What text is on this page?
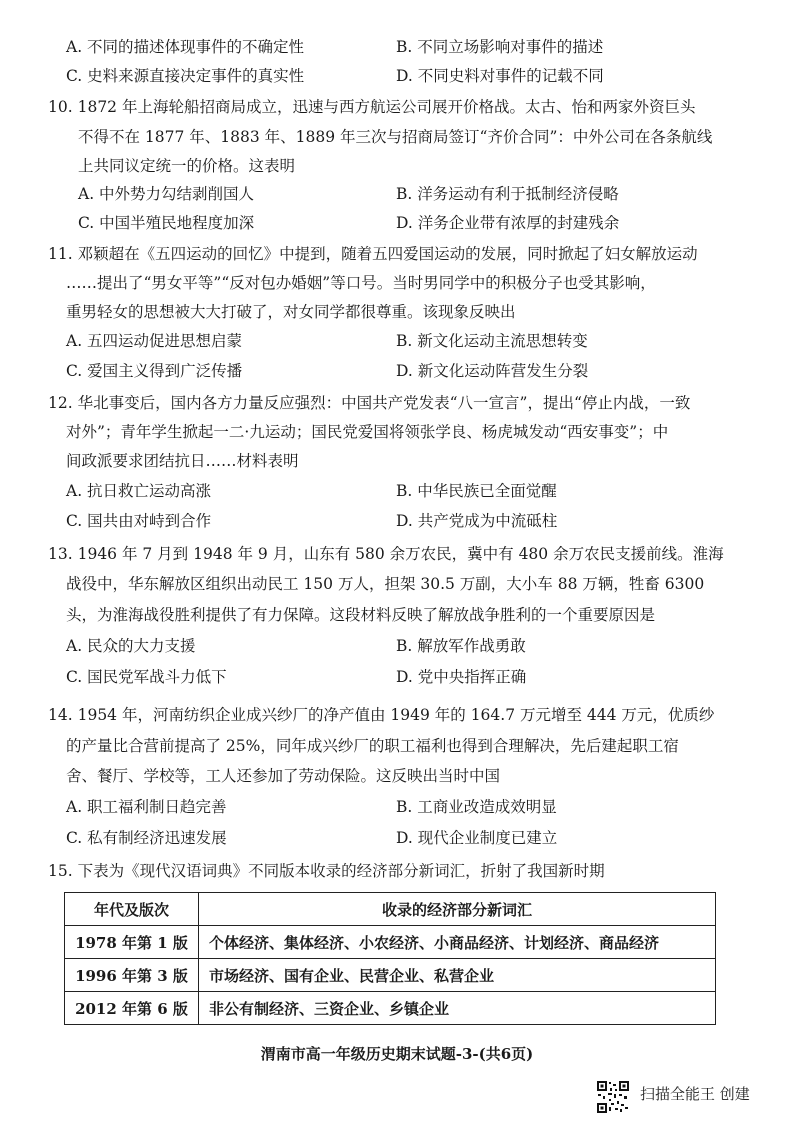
A. 不同的描述体现事件的不确定性	B. 不同立场影响对事件的描述
C. 史料来源直接决定事件的真实性	D. 不同史料对事件的记载不同
10. 1872 年上海轮船招商局成立，迅速与西方航运公司展开价格战。太古、怡和两家外资巨头
不得不在 1877 年、1883 年、1889 年三次与招商局签订“齐价合同”：中外公司在各条航线
上共同议定统一的价格。这表明
A. 中外势力勾结剥削国人	B. 洋务运动有利于抵制经济侵略
C. 中国半殖民地程度加深	D. 洋务企业带有浓厚的封建残余
11. 邓颖超在《五四运动的回忆》中提到，随着五四爱国运动的发展，同时掀起了妇女解放运动
……提出了“男女平等”“反对包办婚姻”等口号。当时男同学中的积极分子也受其影响，
重男轻女的思想被大大打破了，对女同学都很尊重。该现象反映出
A. 五四运动促进思想启蒙	B. 新文化运动主流思想转变
C. 爱国主义得到广泛传播	D. 新文化运动阵营发生分裂
12. 华北事变后，国内各方力量反应强烈：中国共产党发表“八一宣言”，提出“停止内战，一致
对外”；青年学生掀起一二·九运动；国民党爱国将领张学良、杨虎城发动“西安事变”；中
间政派要求团结抗日……材料表明
A. 抗日救亡运动高涨	B. 中华民族已全面觉醒
C. 国共由对峙到合作	D. 共产党成为中流砥柱
13. 1946 年 7 月到 1948 年 9 月，山东有 580 余万农民，冀中有 480 余万农民支援前线。淮海
战役中，华东解放区组织出动民工 150 万人，担架 30.5 万副，大小车 88 万辆，牲畜 6300
头，为淮海战役胜利提供了有力保障。这段材料反映了解放战争胜利的一个重要原因是
A. 民众的大力支援	B. 解放军作战勇敢
C. 国民党军战斗力低下	D. 党中央指挥正确
14. 1954 年，河南纺织企业成兴纱厂的净产值由 1949 年的 164.7 万元增至 444 万元，优质纱
的产量比合营前提高了 25%，同年成兴纱厂的职工福利也得到合理解决，先后建起职工宿
舍、餐厅、学校等，工人还参加了劳动保险。这反映出当时中国
A. 职工福利制日趋完善	B. 工商业改造成效明显
C. 私有制经济迅速发展	D. 现代企业制度已建立
15. 下表为《现代汉语词典》不同版本收录的经济部分新词汇，折射了我国新时期
年代及版次	收录的经济部分新词汇
1978 年第 1 版	个体经济、集体经济、小农经济、小商品经济、计划经济、商品经济
1996 年第 3 版	市场经济、国有企业、民营企业、私营企业
2012 年第 6 版	非公有制经济、三资企业、乡镇企业
渭南市高一年级历史期末试题-3-(共6页)
扫描全能王 创建
